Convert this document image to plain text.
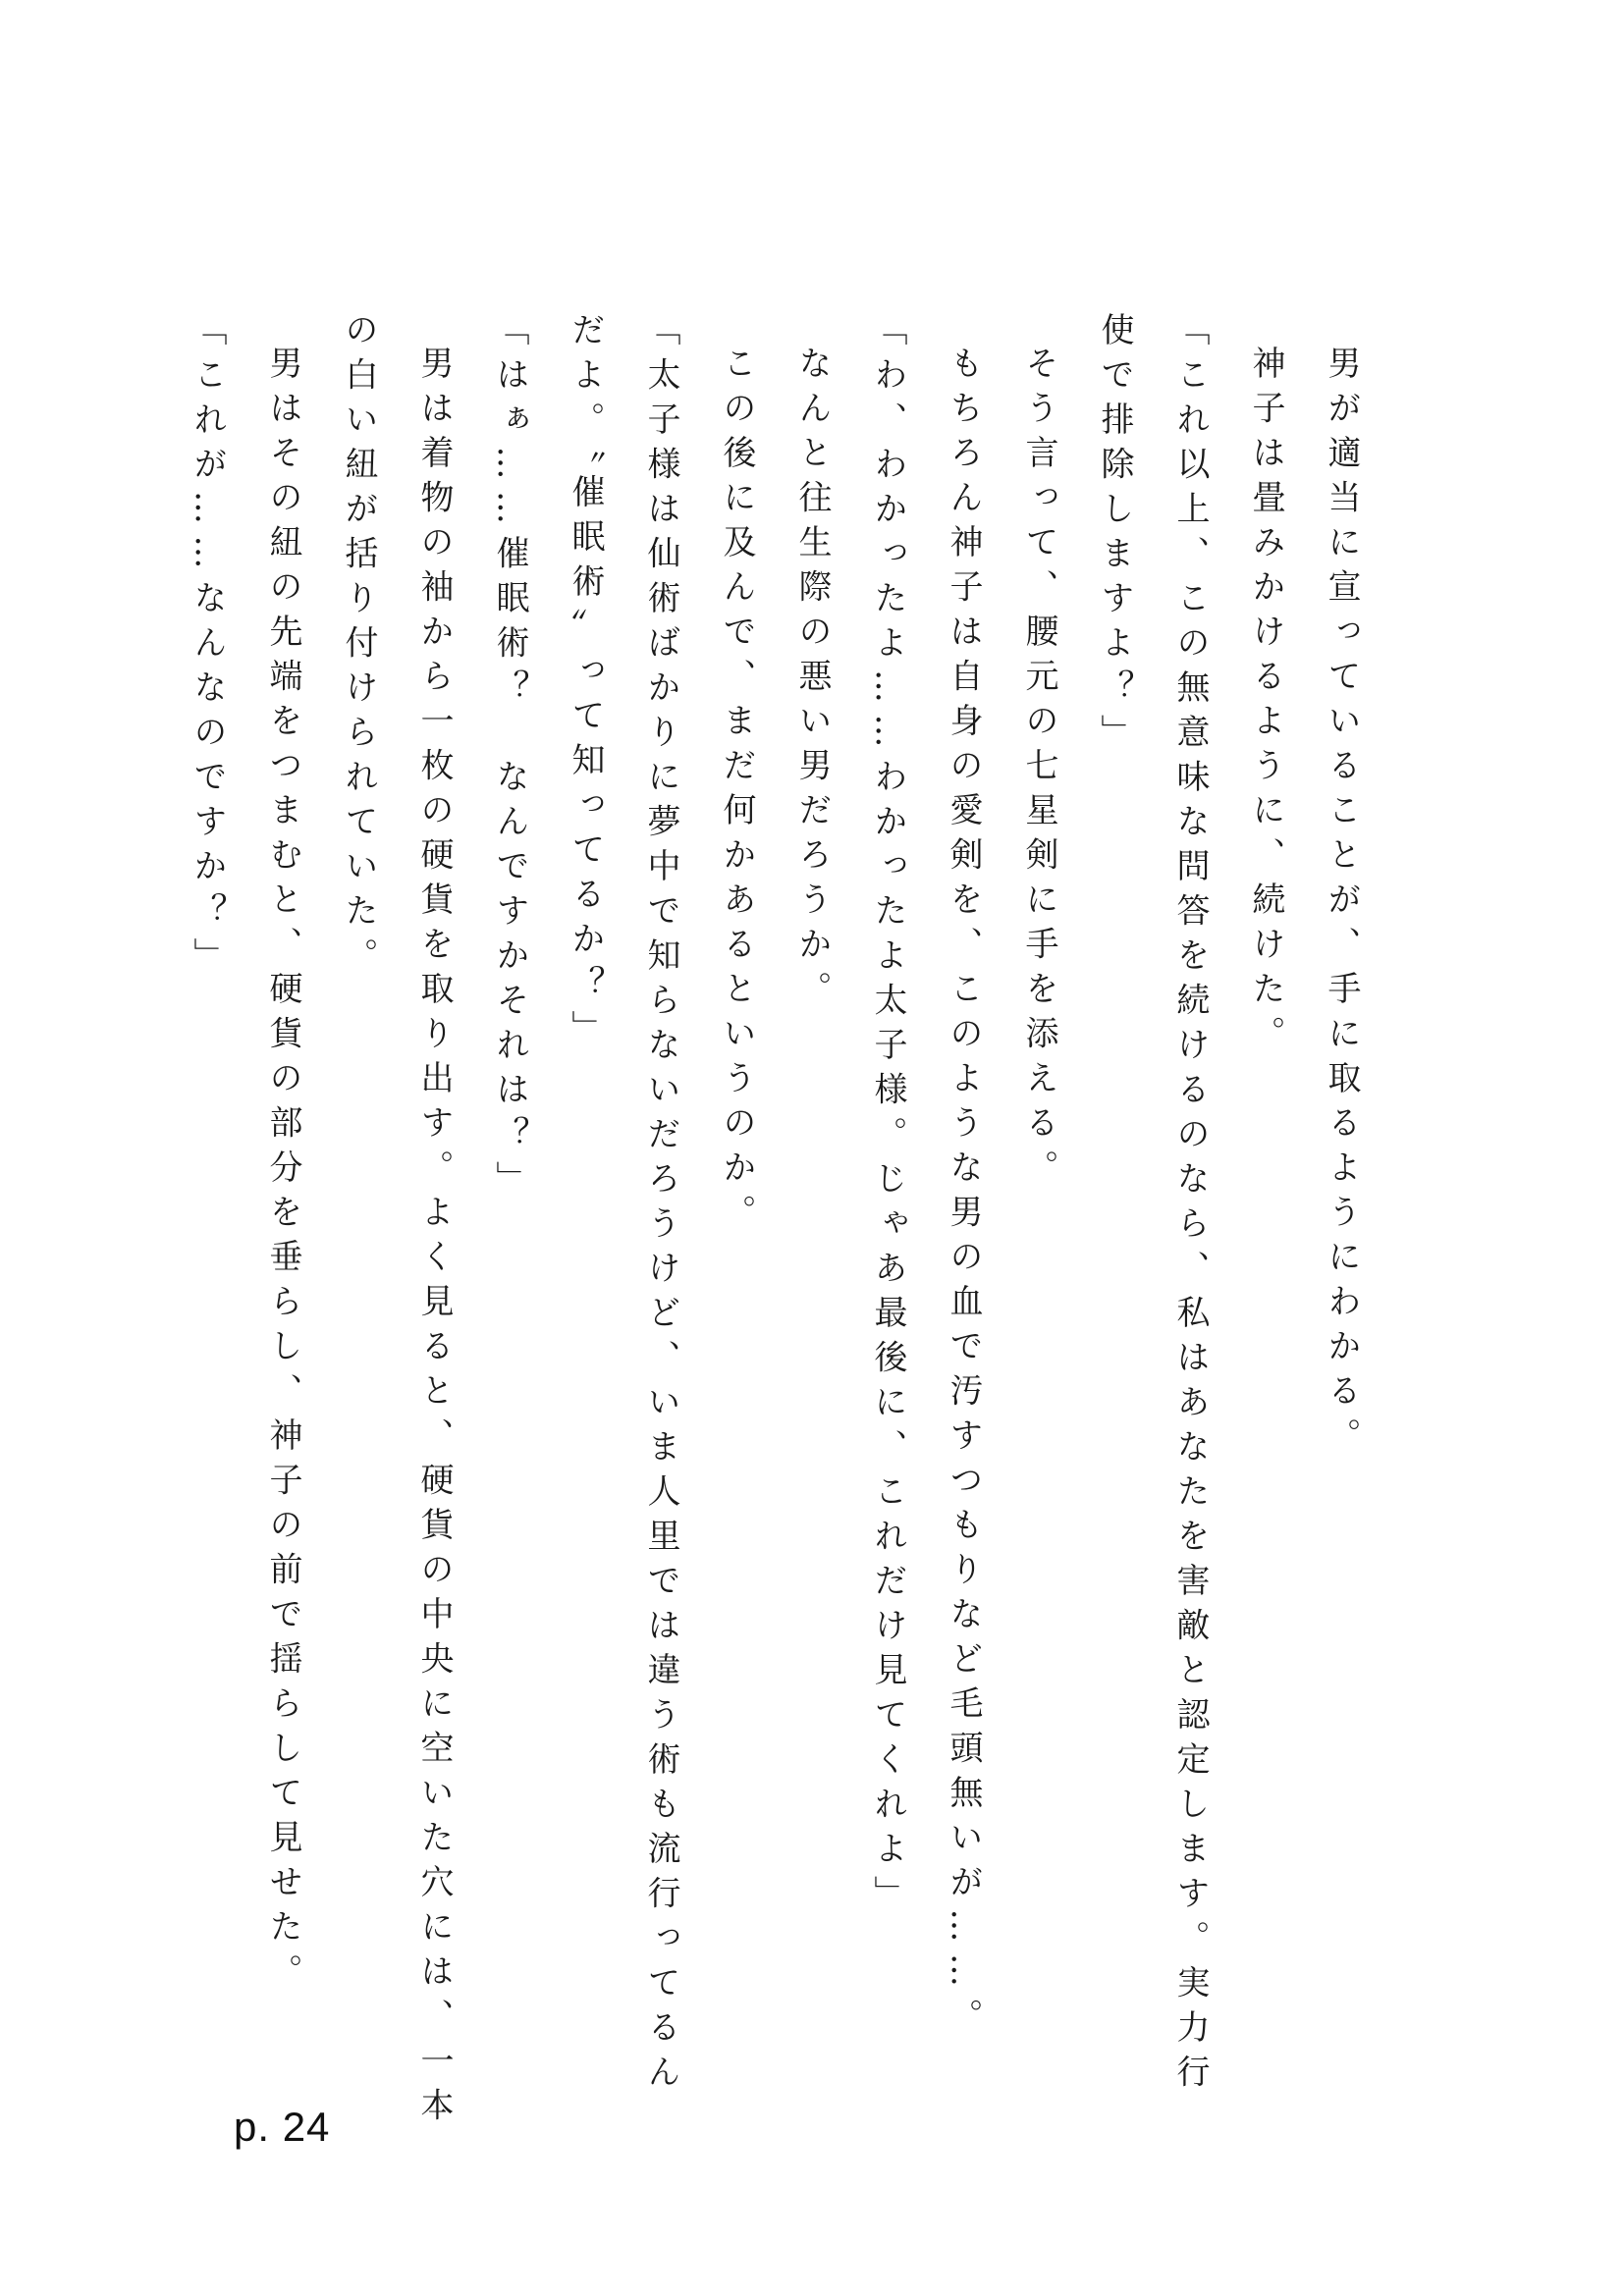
男が適当に宣っていることが、手に取るようにわかる。

神子は畳みかけるように、続けた。

「これ以上、この無意味な問答を続けるのなら、私はあなたを害敵と認定します。実力行使で排除しますよ？」

そう言って、腰元の七星剣に手を添える。

もちろん神子は自身の愛剣を、このような男の血で汚すつもりなど毛頭無いが……。

「わ、わかったよ……わかったよ太子様。じゃあ最後に、これだけ見てくれよ」

なんと往生際の悪い男だろうか。

この後に及んで、まだ何かあるというのか。

「太子様は仙術ばかりに夢中で知らないだろうけど、いま人里では違う術も流行ってるんだよ。〝催眠術〟って知ってるか？」

「はぁ……催眠術？　なんですかそれは？」

男は着物の袖から一枚の硬貨を取り出す。よく見ると、硬貨の中央に空いた穴には、一本の白い紐が括り付けられていた。

男はその紐の先端をつまむと、硬貨の部分を垂らし、神子の前で揺らして見せた。

「これが……なんなのですか？」

p. 24
